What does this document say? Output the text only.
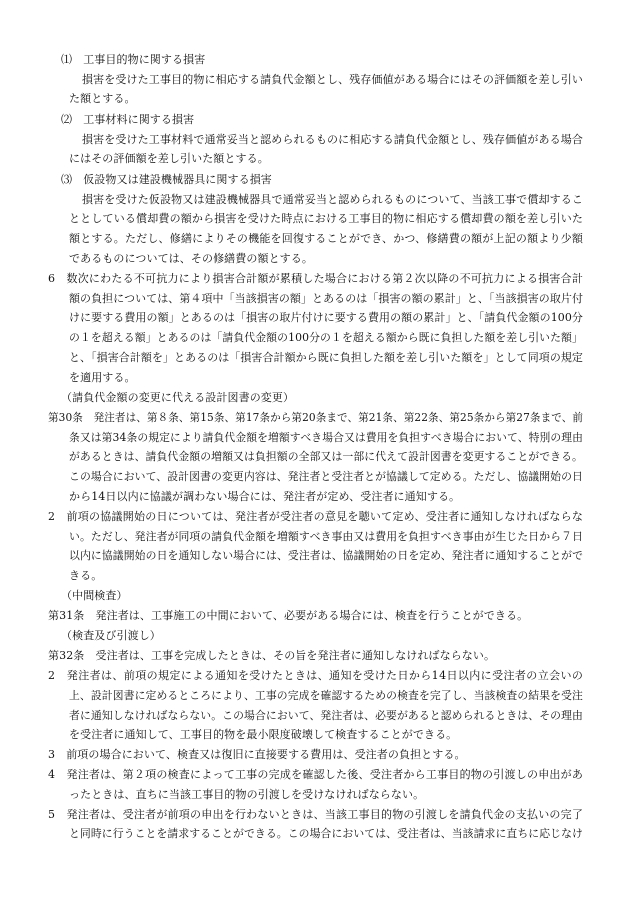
⑴　工事目的物に関する損害

損害を受けた工事目的物に相応する請負代金額とし、残存価値がある場合にはその評価額を差し引い

た額とする。

⑵　工事材料に関する損害

損害を受けた工事材料で通常妥当と認められるものに相応する請負代金額とし、残存価値がある場合

にはその評価額を差し引いた額とする。

⑶　仮設物又は建設機械器具に関する損害

損害を受けた仮設物又は建設機械器具で通常妥当と認められるものについて、当該工事で償却するこ

ととしている償却費の額から損害を受けた時点における工事目的物に相応する償却費の額を差し引いた

額とする。ただし、修繕によりその機能を回復することができ、かつ、修繕費の額が上記の額より少額

であるものについては、その修繕費の額とする。

6　数次にわたる不可抗力により損害合計額が累積した場合における第２次以降の不可抗力による損害合計

額の負担については、第４項中「当該損害の額」とあるのは「損害の額の累計」と、「当該損害の取片付

けに要する費用の額」とあるのは「損害の取片付けに要する費用の額の累計」と、「請負代金額の100分

の１を超える額」とあるのは「請負代金額の100分の１を超える額から既に負担した額を差し引いた額」

と、「損害合計額を」とあるのは「損害合計額から既に負担した額を差し引いた額を」として同項の規定

を適用する。

（請負代金額の変更に代える設計図書の変更）

第30条　発注者は、第８条、第15条、第17条から第20条まで、第21条、第22条、第25条から第27条まで、前

条又は第34条の規定により請負代金額を増額すべき場合又は費用を負担すべき場合において、特別の理由

があるときは、請負代金額の増額又は負担額の全部又は一部に代えて設計図書を変更することができる。

この場合において、設計図書の変更内容は、発注者と受注者とが協議して定める。ただし、協議開始の日

から14日以内に協議が調わない場合には、発注者が定め、受注者に通知する。

2　前項の協議開始の日については、発注者が受注者の意見を聴いて定め、受注者に通知しなければならな

い。ただし、発注者が同項の請負代金額を増額すべき事由又は費用を負担すべき事由が生じた日から７日

以内に協議開始の日を通知しない場合には、受注者は、協議開始の日を定め、発注者に通知することがで

きる。

（中間検査）

第31条　発注者は、工事施工の中間において、必要がある場合には、検査を行うことができる。

（検査及び引渡し）

第32条　受注者は、工事を完成したときは、その旨を発注者に通知しなければならない。

2　発注者は、前項の規定による通知を受けたときは、通知を受けた日から14日以内に受注者の立会いの

上、設計図書に定めるところにより、工事の完成を確認するための検査を完了し、当該検査の結果を受注

者に通知しなければならない。この場合において、発注者は、必要があると認められるときは、その理由

を受注者に通知して、工事目的物を最小限度破壊して検査することができる。

3　前項の場合において、検査又は復旧に直接要する費用は、受注者の負担とする。

4　発注者は、第２項の検査によって工事の完成を確認した後、受注者から工事目的物の引渡しの申出があ

ったときは、直ちに当該工事目的物の引渡しを受けなければならない。

5　発注者は、受注者が前項の申出を行わないときは、当該工事目的物の引渡しを請負代金の支払いの完了

と同時に行うことを請求することができる。この場合においては、受注者は、当該請求に直ちに応じなけ
